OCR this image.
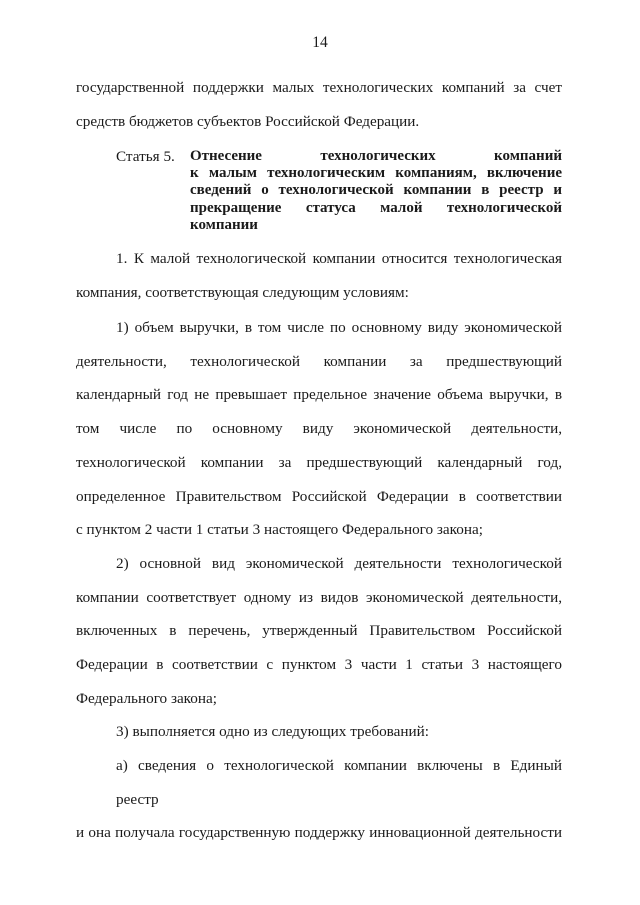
14
государственной поддержки малых технологических компаний за счет
средств бюджетов субъектов Российской Федерации.
Статья 5. Отнесение технологических компаний
к малым технологическим компаниям, включение
сведений о технологической компании в реестр и
прекращение статуса малой технологической
компании
1. К малой технологической компании относится технологическая
компания, соответствующая следующим условиям:
1) объем выручки, в том числе по основному виду экономической
деятельности, технологической компании за предшествующий
календарный год не превышает предельное значение объема выручки, в
том числе по основному виду экономической деятельности,
технологической компании за предшествующий календарный год,
определенное Правительством Российской Федерации в соответствии
с пунктом 2 части 1 статьи 3 настоящего Федерального закона;
2) основной вид экономической деятельности технологической
компании соответствует одному из видов экономической деятельности,
включенных в перечень, утвержденный Правительством Российской
Федерации в соответствии с пунктом 3 части 1 статьи 3 настоящего
Федерального закона;
3) выполняется одно из следующих требований:
а) сведения о технологической компании включены в Единый реестр
и она получала государственную поддержку инновационной деятельности
